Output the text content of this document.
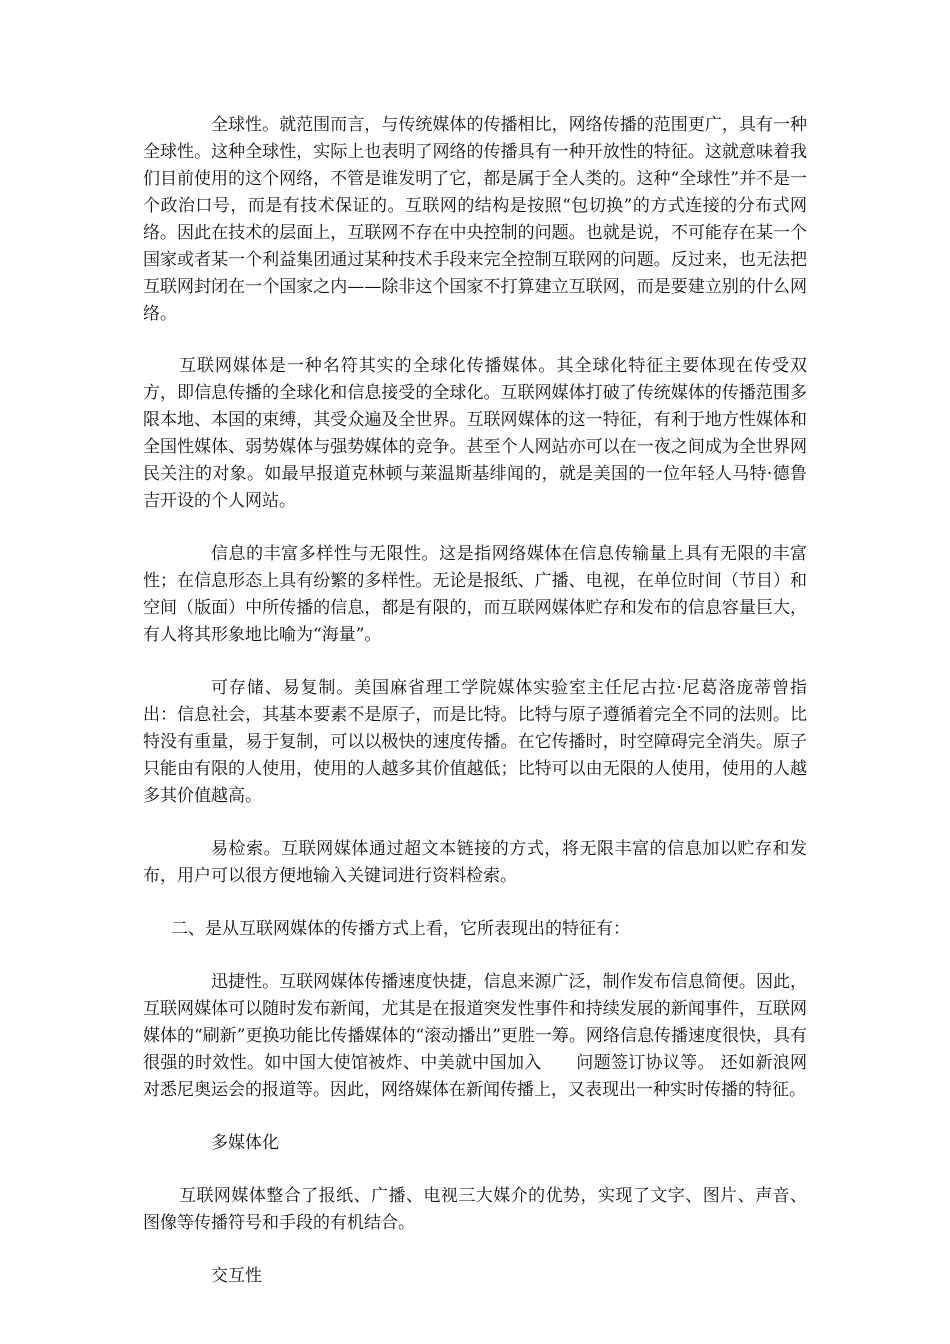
全球性。就范围而言，与传统媒体的传播相比，网络传播的范围更广，具有一种全球性。这种全球性，实际上也表明了网络的传播具有一种开放性的特征。这就意味着我们目前使用的这个网络，不管是谁发明了它，都是属于全人类的。这种“全球性”并不是一个政治口号，而是有技术保证的。互联网的结构是按照“包切换”的方式连接的分布式网络。因此在技术的层面上，互联网不存在中央控制的问题。也就是说，不可能存在某一个国家或者某一个利益集团通过某种技术手段来完全控制互联网的问题。反过来，也无法把互联网封闭在一个国家之内——除非这个国家不打算建立互联网，而是要建立别的什么网络。

互联网媒体是一种名符其实的全球化传播媒体。其全球化特征主要体现在传受双方，即信息传播的全球化和信息接受的全球化。互联网媒体打破了传统媒体的传播范围多限本地、本国的束缚，其受众遍及全世界。互联网媒体的这一特征，有利于地方性媒体和全国性媒体、弱势媒体与强势媒体的竞争。甚至个人网站亦可以在一夜之间成为全世界网民关注的对象。如最早报道克林顿与莱温斯基绯闻的，就是美国的一位年轻人马特·德鲁吉开设的个人网站。

信息的丰富多样性与无限性。这是指网络媒体在信息传输量上具有无限的丰富性；在信息形态上具有纷繁的多样性。无论是报纸、广播、电视，在单位时间（节目）和空间（版面）中所传播的信息，都是有限的，而互联网媒体贮存和发布的信息容量巨大，有人将其形象地比喻为“海量”。

可存储、易复制。美国麻省理工学院媒体实验室主任尼古拉·尼葛洛庞蒂曾指出：信息社会，其基本要素不是原子，而是比特。比特与原子遵循着完全不同的法则。比特没有重量，易于复制，可以以极快的速度传播。在它传播时，时空障碍完全消失。原子只能由有限的人使用，使用的人越多其价值越低；比特可以由无限的人使用，使用的人越多其价值越高。

易检索。互联网媒体通过超文本链接的方式，将无限丰富的信息加以贮存和发布，用户可以很方便地输入关键词进行资料检索。

二、是从互联网媒体的传播方式上看，它所表现出的特征有：

迅捷性。互联网媒体传播速度快捷，信息来源广泛，制作发布信息简便。因此，互联网媒体可以随时发布新闻，尤其是在报道突发性事件和持续发展的新闻事件，互联网媒体的“刷新”更换功能比传播媒体的“滚动播出”更胜一筹。网络信息传播速度很快，具有很强的时效性。如中国大使馆被炸、中美就中国加入　　问题签订协议等。 还如新浪网对悉尼奥运会的报道等。因此，网络媒体在新闻传播上，又表现出一种实时传播的特征。

多媒体化

互联网媒体整合了报纸、广播、电视三大媒介的优势，实现了文字、图片、声音、图像等传播符号和手段的有机结合。

交互性
